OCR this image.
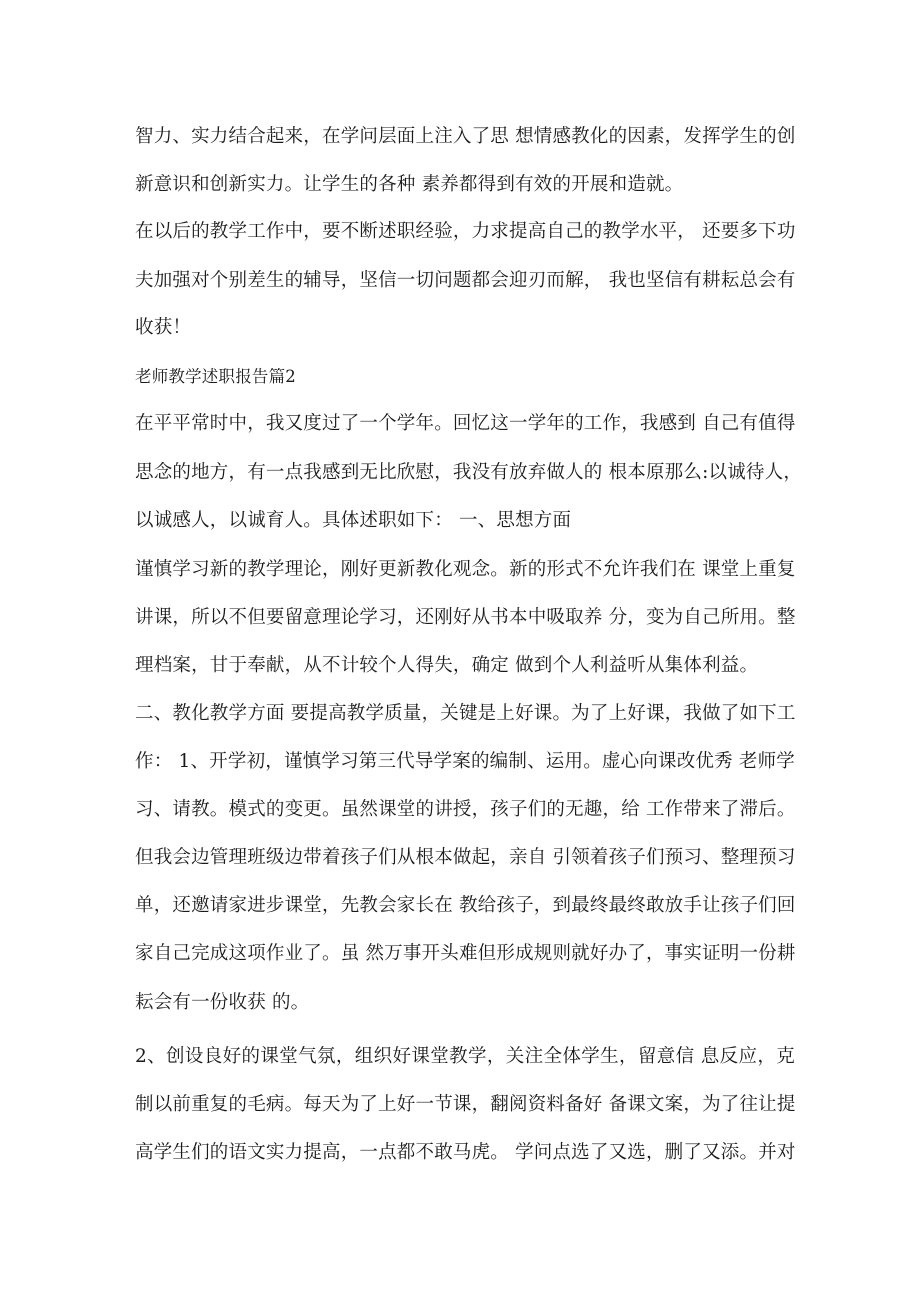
智力、实力结合起来，在学问层面上注入了思 想情感教化的因素，发挥学生的创
新意识和创新实力。让学生的各种 素养都得到有效的开展和造就。
在以后的教学工作中，要不断述职经验，力求提高自己的教学水平， 还要多下功
夫加强对个别差生的辅导，坚信一切问题都会迎刃而解， 我也坚信有耕耘总会有
收获！
老师教学述职报告篇2
在平平常时中，我又度过了一个学年。回忆这一学年的工作，我感到 自己有值得
思念的地方，有一点我感到无比欣慰，我没有放弃做人的 根本原那么:以诚待人，
以诚感人，以诚育人。具体述职如下： 一、思想方面
谨慎学习新的教学理论，刚好更新教化观念。新的形式不允许我们在 课堂上重复
讲课，所以不但要留意理论学习，还刚好从书本中吸取养 分，变为自己所用。整
理档案，甘于奉献，从不计较个人得失，确定 做到个人利益听从集体利益。
二、教化教学方面 要提高教学质量，关键是上好课。为了上好课，我做了如下工
作： 1、开学初，谨慎学习第三代导学案的编制、运用。虚心向课改优秀 老师学
习、请教。模式的变更。虽然课堂的讲授，孩子们的无趣，给 工作带来了滞后。
但我会边管理班级边带着孩子们从根本做起，亲自 引领着孩子们预习、整理预习
单，还邀请家进步课堂，先教会家长在 教给孩子，到最终最终敢放手让孩子们回
家自己完成这项作业了。虽 然万事开头难但形成规则就好办了，事实证明一份耕
耘会有一份收获 的。
2、创设良好的课堂气氛，组织好课堂教学，关注全体学生，留意信 息反应，克
制以前重复的毛病。每天为了上好一节课，翻阅资料备好 备课文案，为了往让提
高学生们的语文实力提高，一点都不敢马虎。 学问点选了又选，删了又添。并对
